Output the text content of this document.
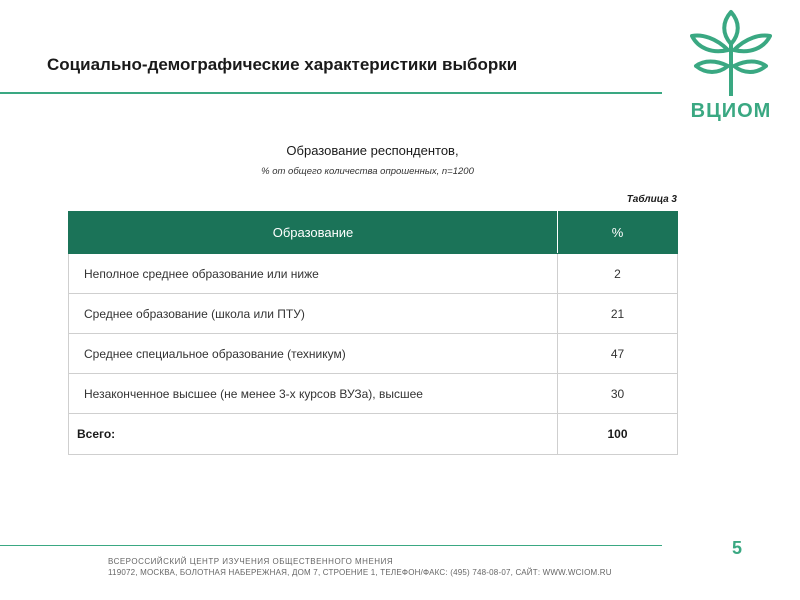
Социально-демографические характеристики выборки
ВЦИОМ
Образование респондентов,
% от общего количества опрошенных, n=1200
Таблица 3
Образование	%
Неполное среднее образование или ниже	2
Среднее образование (школа или ПТУ)	21
Среднее специальное образование (техникум)	47
Незаконченное высшее (не менее 3-х курсов ВУЗа), высшее	30
Всего:	100
5
ВСЕРОССИЙСКИЙ ЦЕНТР ИЗУЧЕНИЯ ОБЩЕСТВЕННОГО МНЕНИЯ
119072, МОСКВА, БОЛОТНАЯ НАБЕРЕЖНАЯ, ДОМ 7, СТРОЕНИЕ 1, ТЕЛЕФОН/ФАКС: (495) 748-08-07, САЙТ: WWW.WCIOM.RU
